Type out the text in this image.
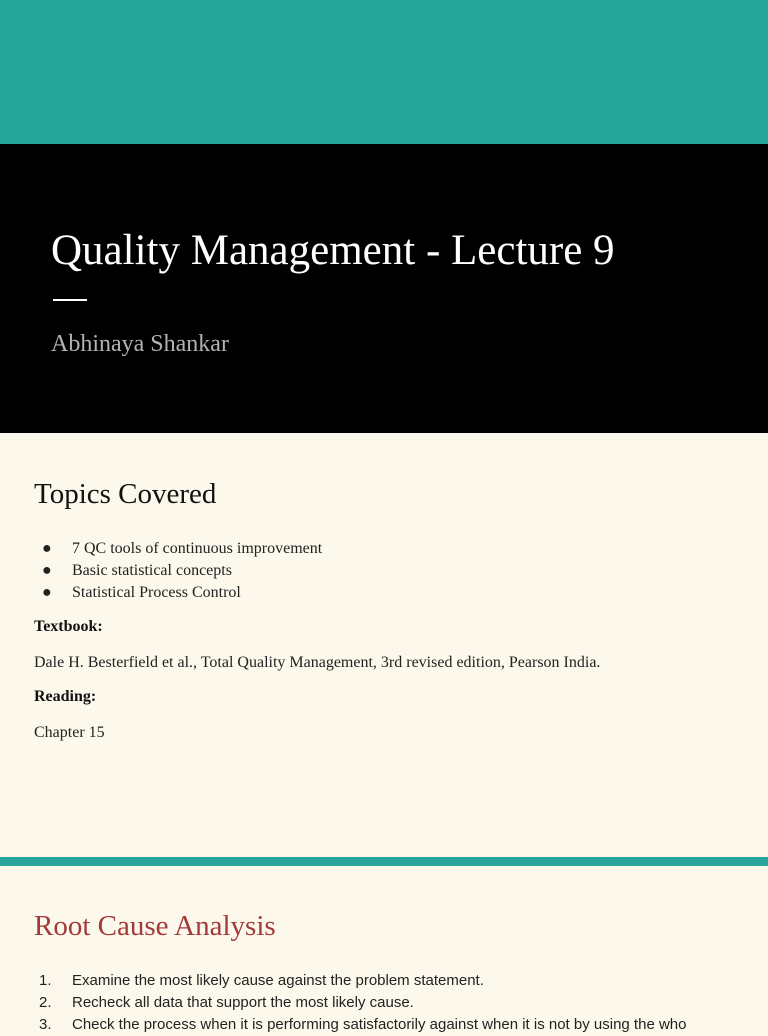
Quality Management - Lecture 9
Abhinaya Shankar
Topics Covered
● 7 QC tools of continuous improvement
● Basic statistical concepts
● Statistical Process Control
Textbook:
Dale H. Besterfield et al., Total Quality Management, 3rd revised edition, Pearson India.
Reading:
Chapter 15
Root Cause Analysis
1. Examine the most likely cause against the problem statement.
2. Recheck all data that support the most likely cause.
3. Check the process when it is performing satisfactorily against when it is not by using the who
